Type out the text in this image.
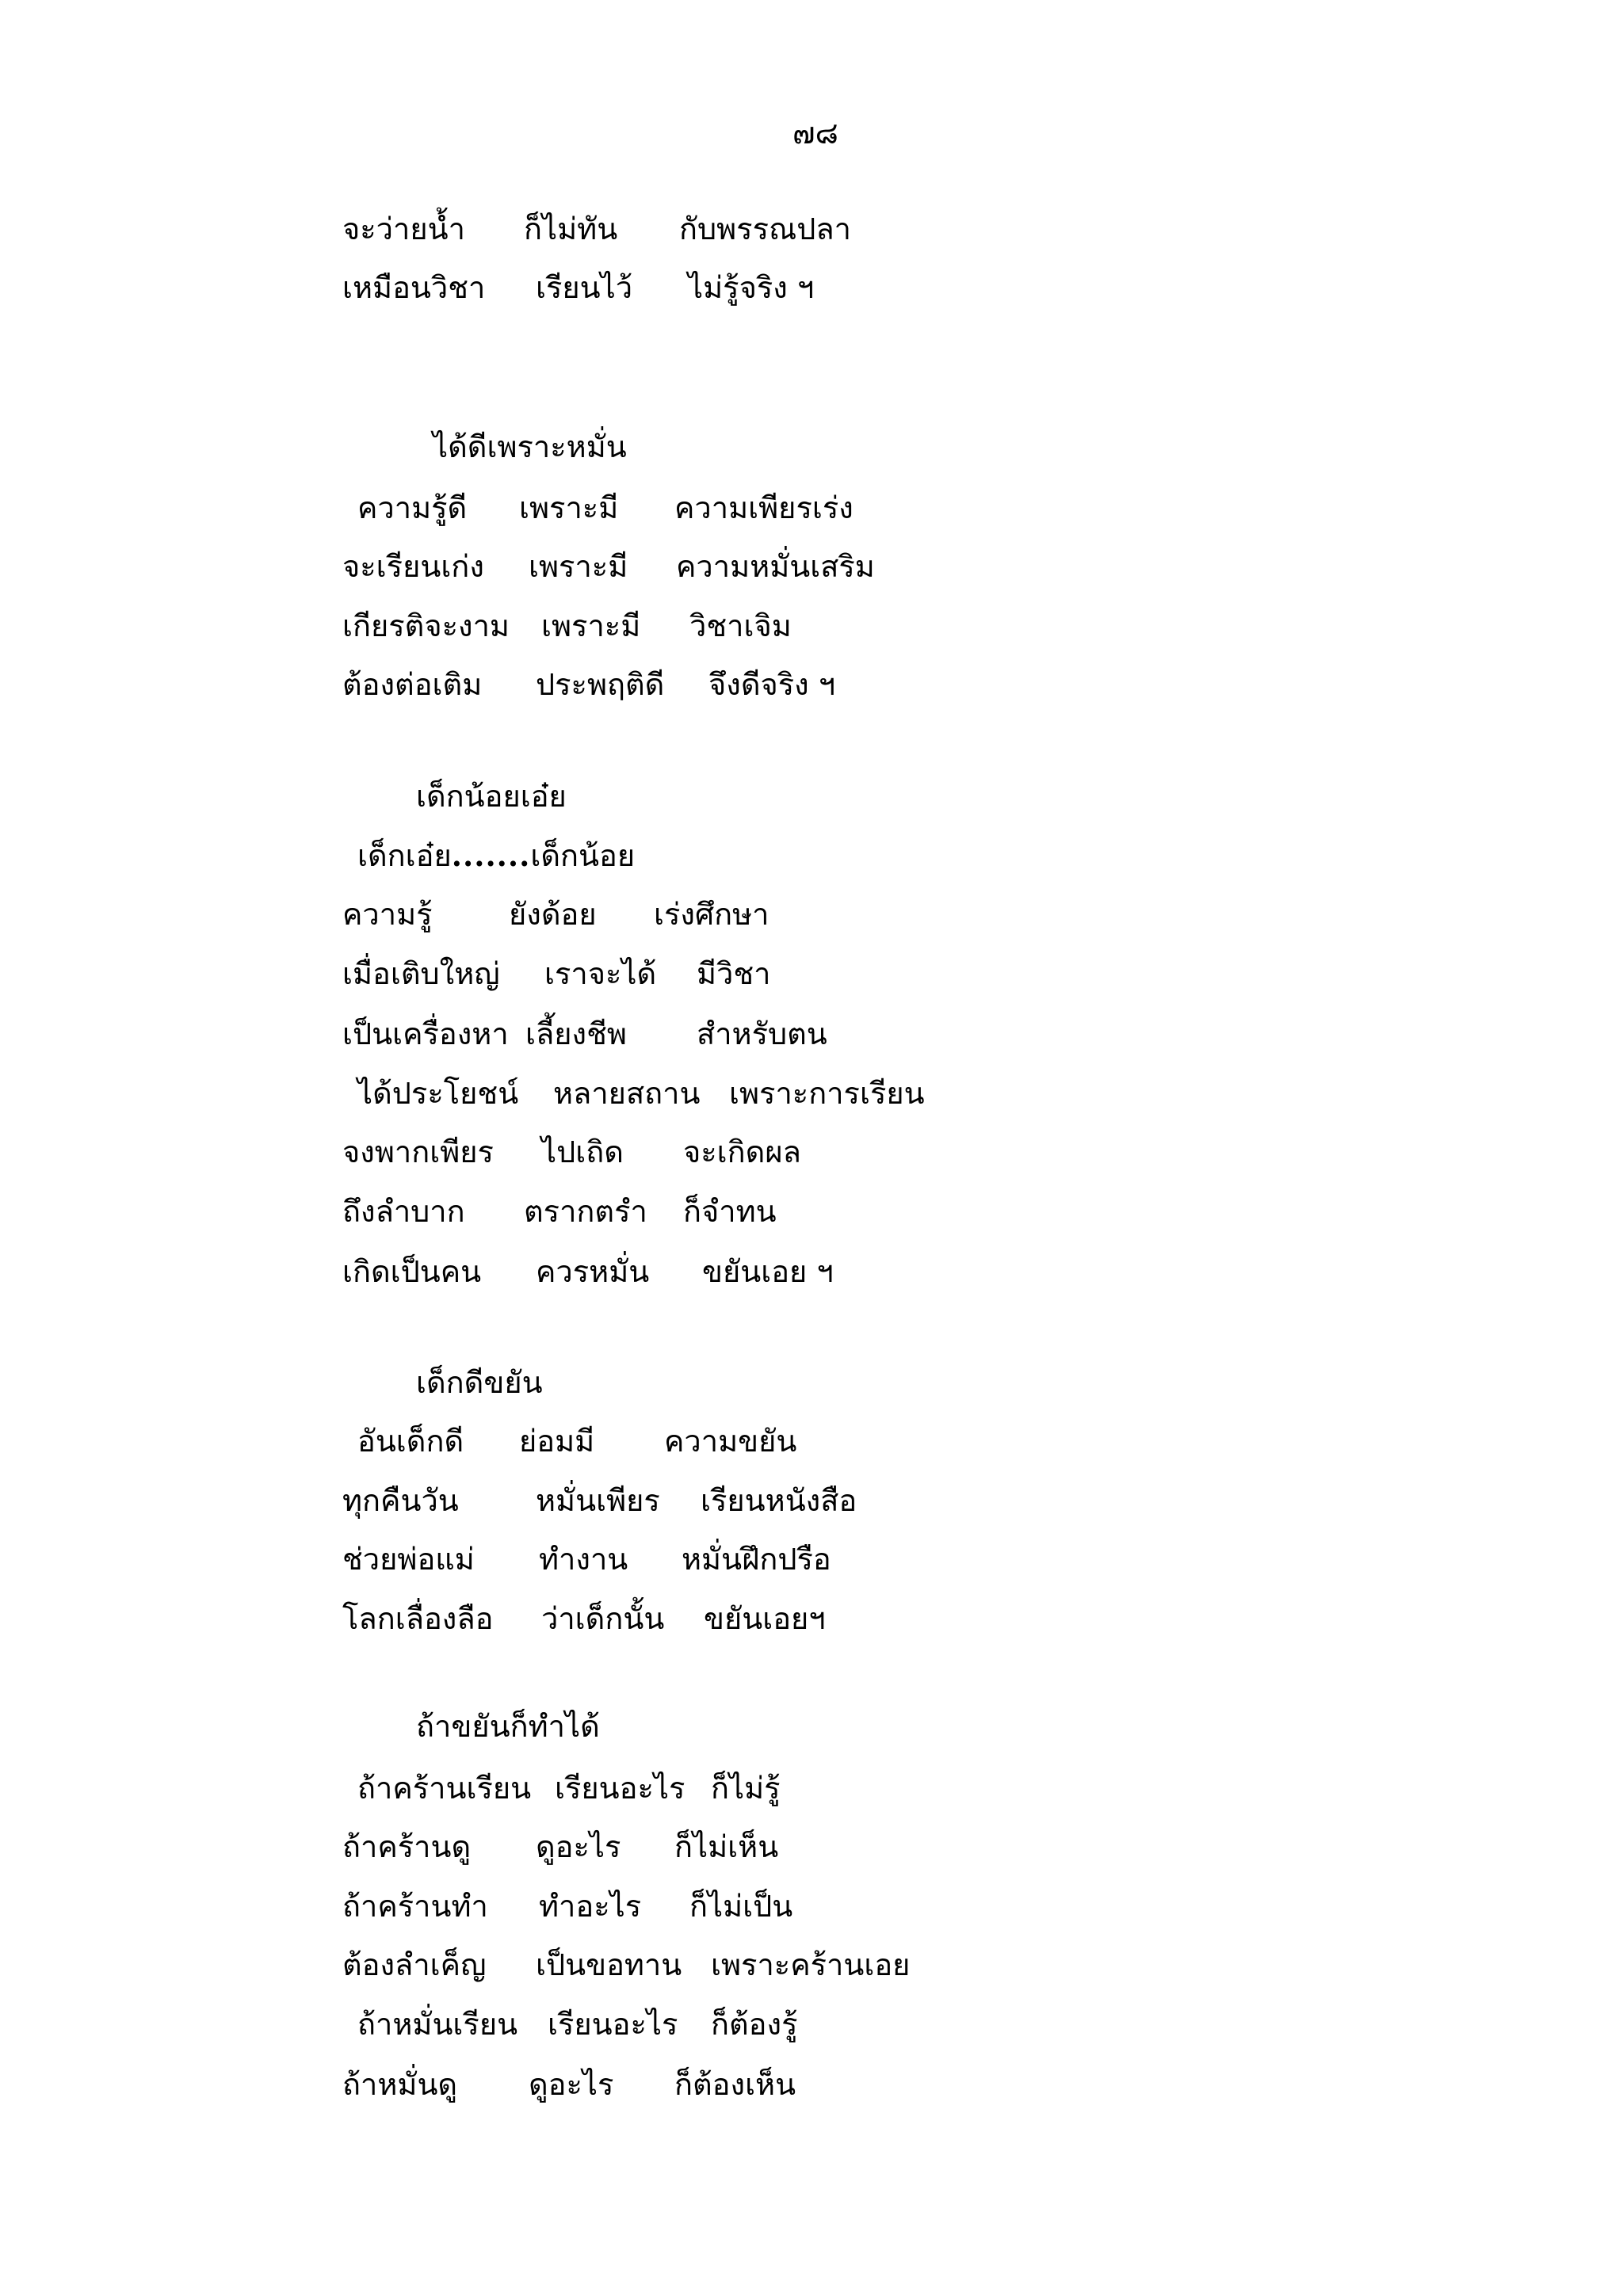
๗๘
จะว่ายน้ำ ก็ไม่ทัน กับพรรณปลา
เหมือนวิชา เรียนไว้ ไม่รู้จริง ฯ
ได้ดีเพราะหมั่น
ความรู้ดี เพราะมี ความเพียรเร่ง
จะเรียนเก่ง เพราะมี ความหมั่นเสริม
เกียรติจะงาม เพราะมี วิชาเจิม
ต้องต่อเติม ประพฤติดี จึงดีจริง ฯ
เด็กน้อยเอ๋ย
เด็กเอ๋ย.......เด็กน้อย
ความรู้	ยังด้อย เร่งศึกษา
เมื่อเติบใหญ่ เราจะได้ มีวิชา
เป็นเครื่องหา เลี้ยงชีพ สำหรับตน
ได้ประโยชน์ หลายสถาน เพราะการเรียน
จงพากเพียร ไปเถิด จะเกิดผล
ถึงลำบาก ตรากตรำ ก็จำทน
เกิดเป็นคน ควรหมั่น ขยันเอย ฯ
เด็กดีขยัน
อันเด็กดี ย่อมมี ความขยัน
ทุกคืนวัน	หมั่นเพียร เรียนหนังสือ
ช่วยพ่อแม่ ทำงาน หมั่นฝึกปรือ
โลกเลื่องลือ ว่าเด็กนั้น ขยันเอยฯ
ถ้าขยันก็ทำได้
ถ้าคร้านเรียน เรียนอะไร ก็ไม่รู้
ถ้าคร้านดู ดูอะไร ก็ไม่เห็น
ถ้าคร้านทำ ทำอะไร ก็ไม่เป็น
ต้องลำเค็ญ เป็นขอทาน เพราะคร้านเอย
ถ้าหมั่นเรียน เรียนอะไร ก็ต้องรู้
ถ้าหมั่นดู ดูอะไร ก็ต้องเห็น
